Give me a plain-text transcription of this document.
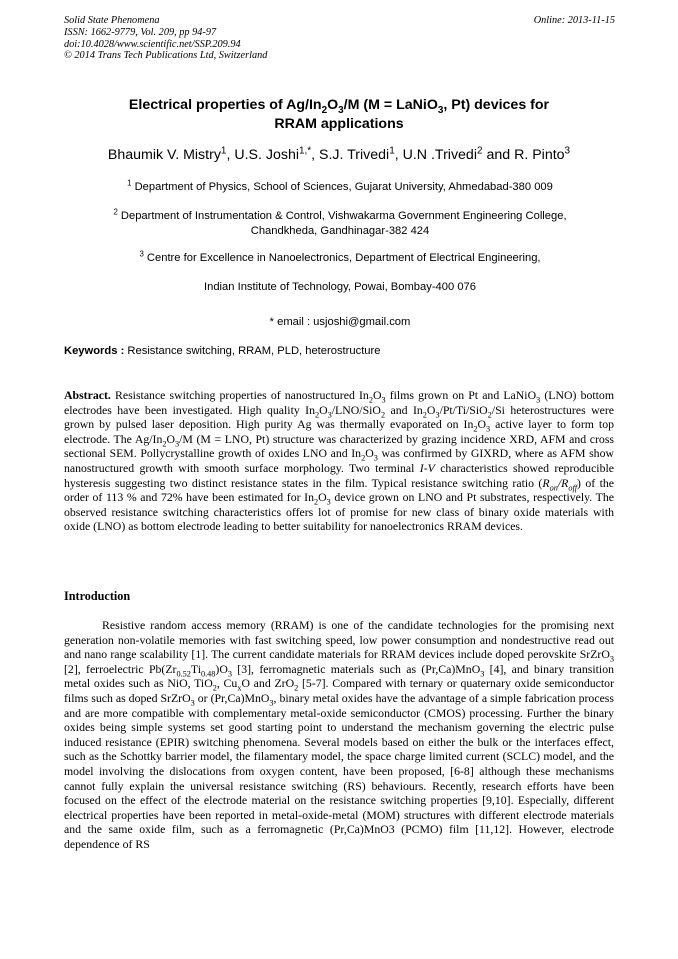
Solid State Phenomena
ISSN: 1662-9779, Vol. 209, pp 94-97
doi:10.4028/www.scientific.net/SSP.209.94
© 2014 Trans Tech Publications Ltd, Switzerland
Online: 2013-11-15
Electrical properties of $Ag/In_2O_3/M$ (M = LaNiO$_3$, Pt) devices for
RRAM applications
Bhaumik V. Mistry$^1$, U.S. Joshi$^{1,*}$, S.J. Trivedi$^1$, U.N .Trivedi$^2$ and R. Pinto$^3$
$^1$ Department of Physics, School of Sciences, Gujarat University, Ahmedabad-380 009
$^2$ Department of Instrumentation & Control, Vishwakarma Government Engineering College,
Chandkheda, Gandhinagar-382 424
$^3$ Centre for Excellence in Nanoelectronics, Department of Electrical Engineering,
Indian Institute of Technology, Powai, Bombay-400 076
* email : usjoshi@gmail.com
Keywords : Resistance switching, RRAM, PLD, heterostructure
Abstract. Resistance switching properties of nanostructured $In_2O_3$ films grown on Pt and LaNiO$_3$ (LNO) bottom electrodes have been investigated. High quality $In_2O_3/LNO/SiO_2$ and $In_2O_3/Pt/Ti/SiO_2/Si$ heterostructures were grown by pulsed laser deposition. High purity Ag was thermally evaporated on $In_2O_3$ active layer to form top electrode. The $Ag/In_2O_3/M$ (M = LNO, Pt) structure was characterized by grazing incidence XRD, AFM and cross sectional SEM. Pollycrystalline growth of oxides LNO and $In_2O_3$ was confirmed by GIXRD, where as AFM show nanostructured growth with smooth surface morphology. Two terminal I-V characteristics showed reproducible hysteresis suggesting two distinct resistance states in the film. Typical resistance switching ratio $(R_{on}/R_{off})$ of the order of 113 % and 72% have been estimated for $In_2O_3$ device grown on LNO and Pt substrates, respectively. The observed resistance switching characteristics offers lot of promise for new class of binary oxide materials with oxide (LNO) as bottom electrode leading to better suitability for nanoelectronics RRAM devices.
Introduction
Resistive random access memory (RRAM) is one of the candidate technologies for the promising next generation non-volatile memories with fast switching speed, low power consumption and nondestructive read out and nano range scalability [1]. The current candidate materials for RRAM devices include doped perovskite SrZrO$_3$ [2], ferroelectric $Pb(Zr_{0.52}Ti_{0.48})O_3$ [3], ferromagnetic materials such as (Pr,Ca)MnO$_3$ [4], and binary transition metal oxides such as NiO, TiO$_2$, $Cu_xO$ and ZrO$_2$ [5-7]. Compared with ternary or quaternary oxide semiconductor films such as doped SrZrO$_3$ or (Pr,Ca)MnO$_3$, binary metal oxides have the advantage of a simple fabrication process and are more compatible with complementary metal-oxide semiconductor (CMOS) processing. Further the binary oxides being simple systems set good starting point to understand the mechanism governing the electric pulse induced resistance (EPIR) switching phenomena. Several models based on either the bulk or the interfaces effect, such as the Schottky barrier model, the filamentary model, the space charge limited current (SCLC) model, and the model involving the dislocations from oxygen content, have been proposed, [6-8] although these mechanisms cannot fully explain the universal resistance switching (RS) behaviours. Recently, research efforts have been focused on the effect of the electrode material on the resistance switching properties [9,10]. Especially, different electrical properties have been reported in metal-oxide-metal (MOM) structures with different electrode materials and the same oxide film, such as a ferromagnetic (Pr,Ca)MnO3 (PCMO) film [11,12]. However, electrode dependence of RS
